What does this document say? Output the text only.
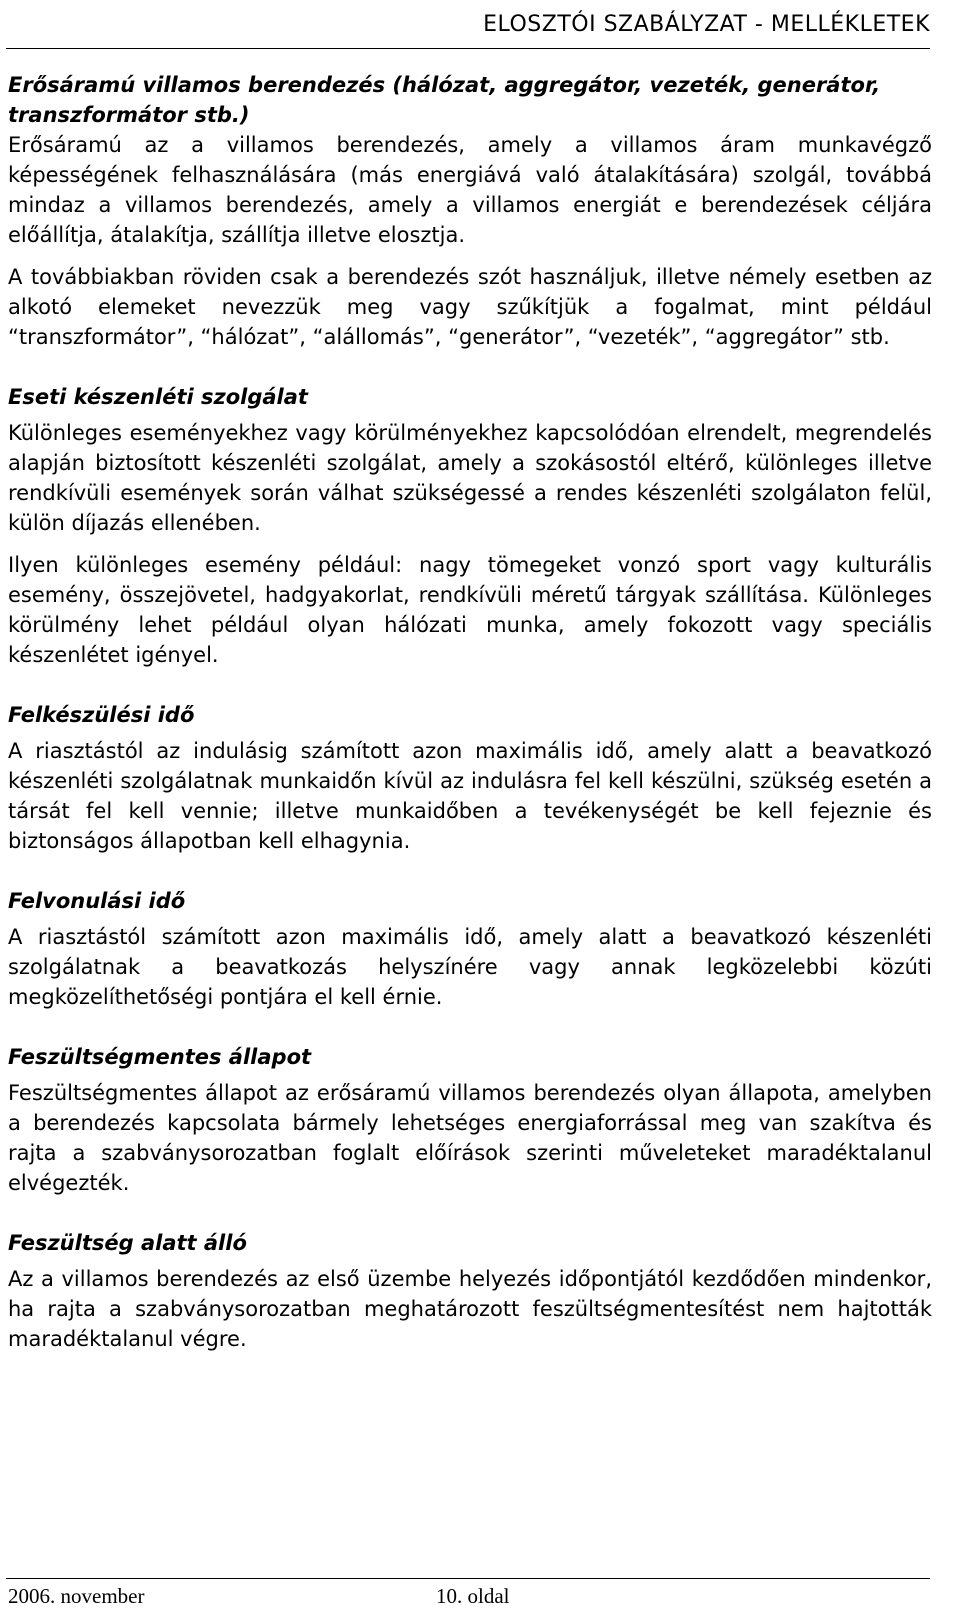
ELOSZTÓI SZABÁLYZAT - MELLÉKLETEK
Erősáramú villamos berendezés (hálózat, aggregátor, vezeték, generátor, transzformátor stb.)

Erősáramú az a villamos berendezés, amely a villamos áram munkavégző képességének felhasználására (más energiává való átalakítására) szolgál, továbbá mindaz a villamos berendezés, amely a villamos energiát e berendezések céljára előállítja, átalakítja, szállítja illetve elosztja.

A továbbiakban röviden csak a berendezés szót használjuk, illetve némely esetben az alkotó elemeket nevezzük meg vagy szűkítjük a fogalmat, mint például “transzformátor”, “hálózat”, “alállomás”, “generátor”, “vezeték”, “aggregátor” stb.

Eseti készenléti szolgálat

Különleges eseményekhez vagy körülményekhez kapcsolódóan elrendelt, megrendelés alapján biztosított készenléti szolgálat, amely a szokásostól eltérő, különleges illetve rendkívüli események során válhat szükségessé a rendes készenléti szolgálaton felül, külön díjazás ellenében.

Ilyen különleges esemény például: nagy tömegeket vonzó sport vagy kulturális esemény, összejövetel, hadgyakorlat, rendkívüli méretű tárgyak szállítása. Különleges körülmény lehet például olyan hálózati munka, amely fokozott vagy speciális készenlétet igényel.

Felkészülési idő

A riasztástól az indulásig számított azon maximális idő, amely alatt a beavatkozó készenléti szolgálatnak munkaidőn kívül az indulásra fel kell készülni, szükség esetén a társát fel kell vennie; illetve munkaidőben a tevékenységét be kell fejeznie és biztonságos állapotban kell elhagynia.

Felvonulási idő

A riasztástól számított azon maximális idő, amely alatt a beavatkozó készenléti szolgálatnak a beavatkozás helyszínére vagy annak legközelebbi közúti megközelíthetőségi pontjára el kell érnie.

Feszültségmentes állapot

Feszültségmentes állapot az erősáramú villamos berendezés olyan állapota, amelyben a berendezés kapcsolata bármely lehetséges energiaforrással meg van szakítva és rajta a szabványsorozatban foglalt előírások szerinti műveleteket maradéktalanul elvégezték.

Feszültség alatt álló

Az a villamos berendezés az első üzembe helyezés időpontjától kezdődően mindenkor, ha rajta a szabványsorozatban meghatározott feszültségmentesítést nem hajtották maradéktalanul végre.

2006. november	10. oldal
